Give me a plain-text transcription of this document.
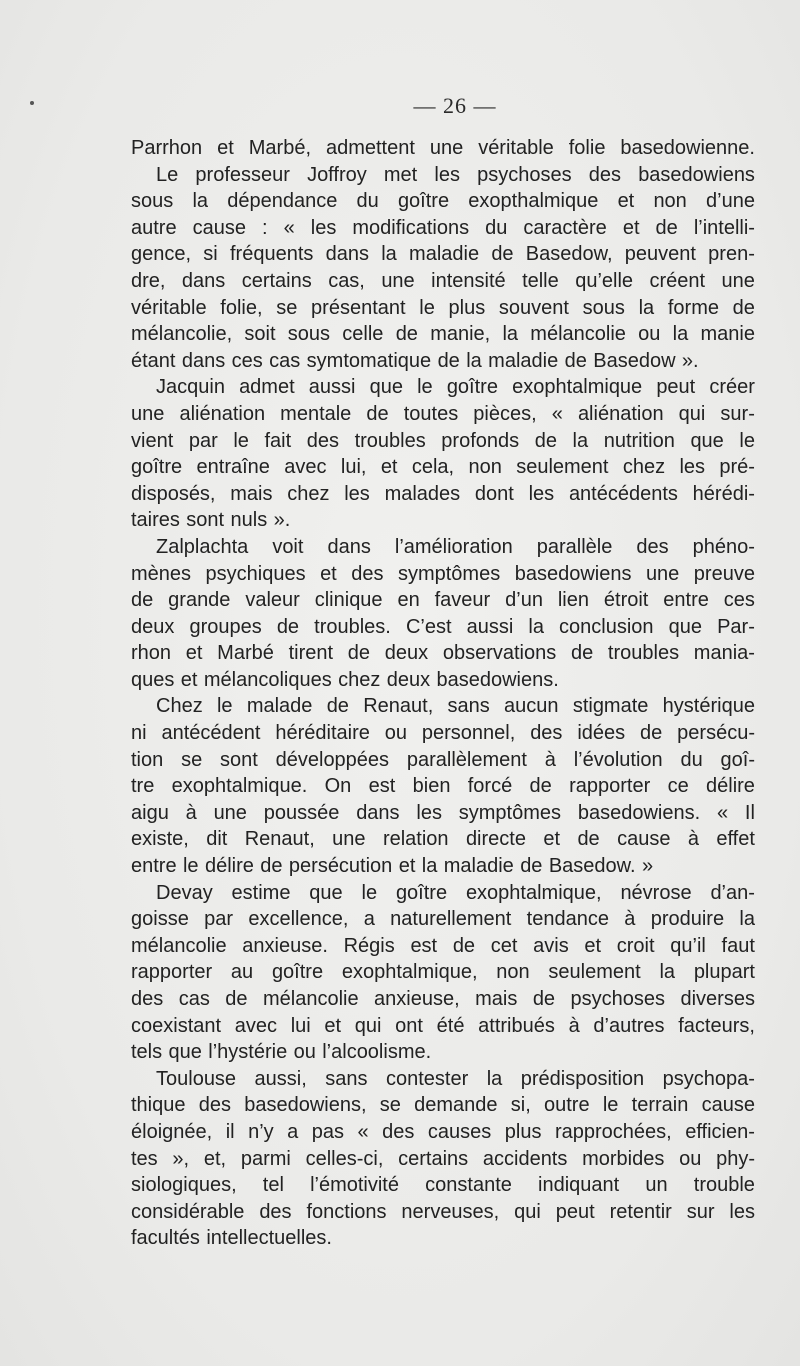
— 26 —
Parrhon et Marbé, admettent une véritable folie basedowienne.
Le professeur Joffroy met les psychoses des basedowiens
sous la dépendance du goître exopthalmique et non d’une
autre cause : « les modifications du caractère et de l’intelli-
gence, si fréquents dans la maladie de Basedow, peuvent pren-
dre, dans certains cas, une intensité telle qu’elle créent une
véritable folie, se présentant le plus souvent sous la forme de
mélancolie, soit sous celle de manie, la mélancolie ou la manie
étant dans ces cas symtomatique de la maladie de Basedow ».
Jacquin admet aussi que le goître exophtalmique peut créer
une aliénation mentale de toutes pièces, « aliénation qui sur-
vient par le fait des troubles profonds de la nutrition que le
goître entraîne avec lui, et cela, non seulement chez les pré-
disposés, mais chez les malades dont les antécédents hérédi-
taires sont nuls ».
Zalplachta voit dans l’amélioration parallèle des phéno-
mènes psychiques et des symptômes basedowiens une preuve
de grande valeur clinique en faveur d’un lien étroit entre ces
deux groupes de troubles. C’est aussi la conclusion que Par-
rhon et Marbé tirent de deux observations de troubles mania-
ques et mélancoliques chez deux basedowiens.
Chez le malade de Renaut, sans aucun stigmate hystérique
ni antécédent héréditaire ou personnel, des idées de persécu-
tion se sont développées parallèlement à l’évolution du goî-
tre exophtalmique. On est bien forcé de rapporter ce délire
aigu à une poussée dans les symptômes basedowiens. « Il
existe, dit Renaut, une relation directe et de cause à effet
entre le délire de persécution et la maladie de Basedow. »
Devay estime que le goître exophtalmique, névrose d’an-
goisse par excellence, a naturellement tendance à produire la
mélancolie anxieuse. Régis est de cet avis et croit qu’il faut
rapporter au goître exophtalmique, non seulement la plupart
des cas de mélancolie anxieuse, mais de psychoses diverses
coexistant avec lui et qui ont été attribués à d’autres facteurs,
tels que l’hystérie ou l’alcoolisme.
Toulouse aussi, sans contester la prédisposition psychopa-
thique des basedowiens, se demande si, outre le terrain cause
éloignée, il n’y a pas « des causes plus rapprochées, efficien-
tes », et, parmi celles-ci, certains accidents morbides ou phy-
siologiques, tel l’émotivité constante indiquant un trouble
considérable des fonctions nerveuses, qui peut retentir sur les
facultés intellectuelles.
